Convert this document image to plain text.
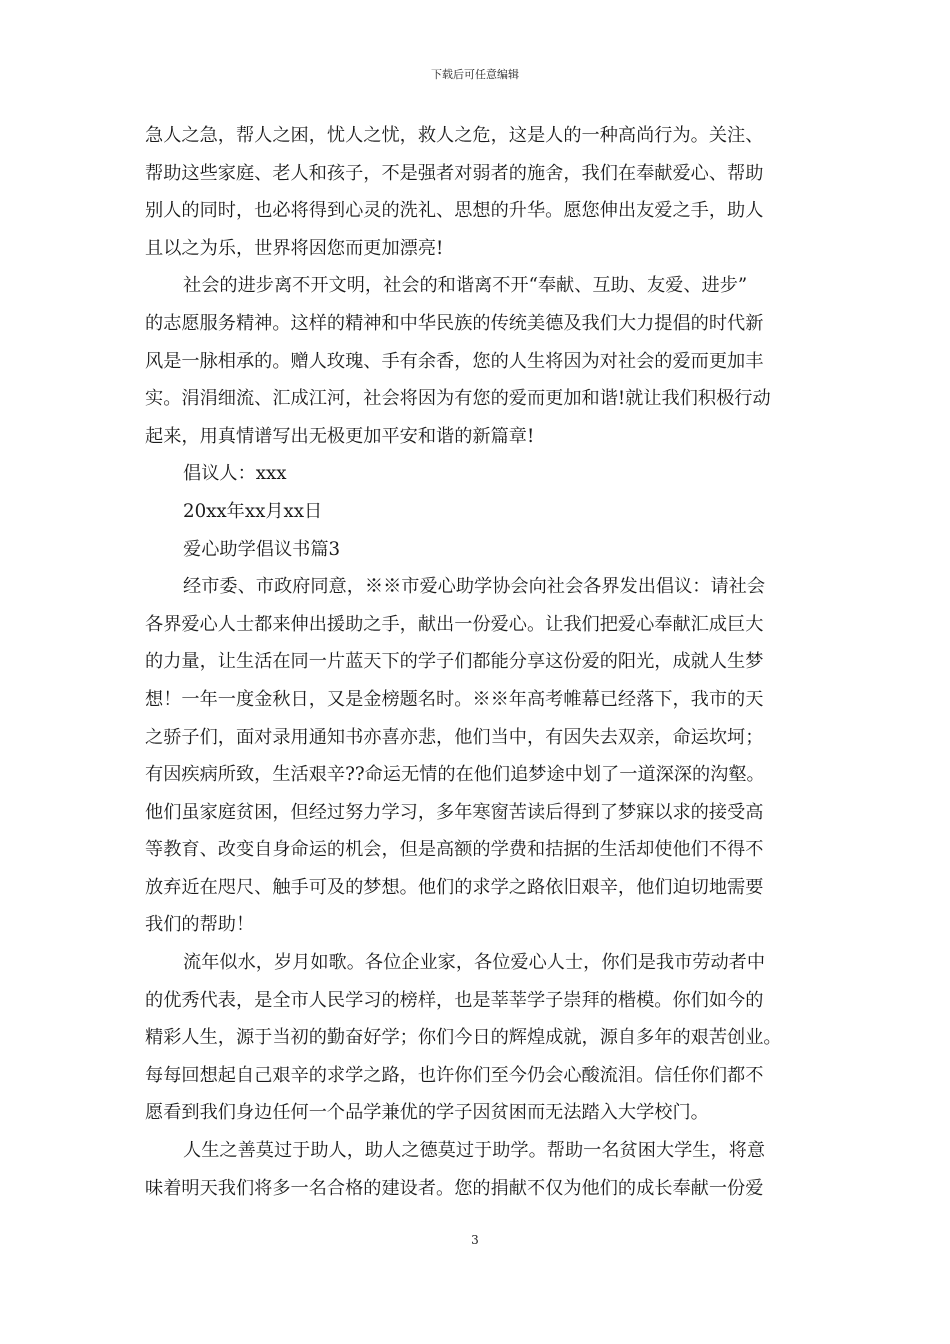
下载后可任意编辑
急人之急，帮人之困，忧人之忧，救人之危，这是人的一种高尚行为。关注、
帮助这些家庭、老人和孩子，不是强者对弱者的施舍，我们在奉献爱心、帮助
别人的同时，也必将得到心灵的洗礼、思想的升华。愿您伸出友爱之手，助人
且以之为乐，世界将因您而更加漂亮!
社会的进步离不开文明，社会的和谐离不开“奉献、互助、友爱、进步”
的志愿服务精神。这样的精神和中华民族的传统美德及我们大力提倡的时代新
风是一脉相承的。赠人玫瑰、手有余香，您的人生将因为对社会的爱而更加丰
实。涓涓细流、汇成江河，社会将因为有您的爱而更加和谐!就让我们积极行动
起来，用真情谱写出无极更加平安和谐的新篇章!
倡议人：xxx
20xx年xx月xx日
爱心助学倡议书篇3
经市委、市政府同意，※※市爱心助学协会向社会各界发出倡议：请社会
各界爱心人士都来伸出援助之手，献出一份爱心。让我们把爱心奉献汇成巨大
的力量，让生活在同一片蓝天下的学子们都能分享这份爱的阳光，成就人生梦
想！一年一度金秋日，又是金榜题名时。※※年高考帷幕已经落下，我市的天
之骄子们，面对录用通知书亦喜亦悲，他们当中，有因失去双亲，命运坎坷；
有因疾病所致，生活艰辛??命运无情的在他们追梦途中划了一道深深的沟壑。
他们虽家庭贫困，但经过努力学习，多年寒窗苦读后得到了梦寐以求的接受高
等教育、改变自身命运的机会，但是高额的学费和拮据的生活却使他们不得不
放弃近在咫尺、触手可及的梦想。他们的求学之路依旧艰辛，他们迫切地需要
我们的帮助！
流年似水，岁月如歌。各位企业家，各位爱心人士，你们是我市劳动者中
的优秀代表，是全市人民学习的榜样，也是莘莘学子崇拜的楷模。你们如今的
精彩人生，源于当初的勤奋好学；你们今日的辉煌成就，源自多年的艰苦创业。
每每回想起自己艰辛的求学之路，也许你们至今仍会心酸流泪。信任你们都不
愿看到我们身边任何一个品学兼优的学子因贫困而无法踏入大学校门。
人生之善莫过于助人，助人之德莫过于助学。帮助一名贫困大学生，将意
味着明天我们将多一名合格的建设者。您的捐献不仅为他们的成长奉献一份爱
3
